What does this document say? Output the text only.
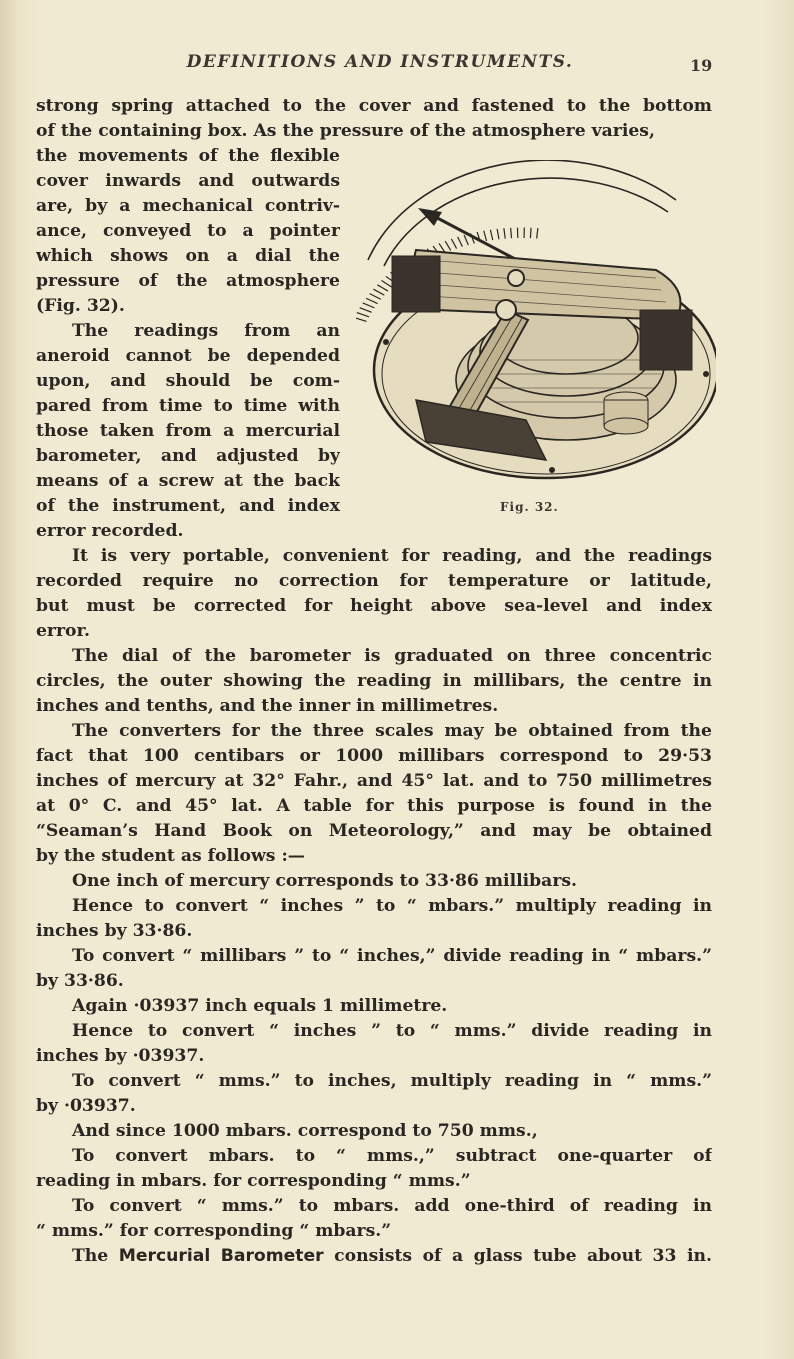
DEFINITIONS AND INSTRUMENTS.	19
strong spring attached to the cover and fastened to the bottom
of the containing box. As the pressure of the atmosphere varies,
the movements of the flexible
cover inwards and outwards
are, by a mechanical contriv-
ance, conveyed to a pointer
which shows on a dial the
pressure of the atmosphere
(Fig. 32).
The readings from an
aneroid cannot be depended
upon, and should be com-
pared from time to time with
those taken from a mercurial
barometer, and adjusted by
means of a screw at the back
of the instrument, and index
error recorded.
Fig. 32.
It is very portable, convenient for reading, and the readings
recorded require no correction for temperature or latitude,
but must be corrected for height above sea-level and index
error.
The dial of the barometer is graduated on three concentric
circles, the outer showing the reading in millibars, the centre in
inches and tenths, and the inner in millimetres.
The converters for the three scales may be obtained from the
fact that 100 centibars or 1000 millibars correspond to 29·53
inches of mercury at 32° Fahr., and 45° lat. and to 750 millimetres
at 0° C. and 45° lat. A table for this purpose is found in the
“Seaman’s Hand Book on Meteorology,” and may be obtained
by the student as follows :—
One inch of mercury corresponds to 33·86 millibars.
Hence to convert “ inches ” to “ mbars.” multiply reading in
inches by 33·86.
To convert “ millibars ” to “ inches,” divide reading in “ mbars.”
by 33·86.
Again ·03937 inch equals 1 millimetre.
Hence to convert “ inches ” to “ mms.” divide reading in
inches by ·03937.
To convert “ mms.” to inches, multiply reading in “ mms.”
by ·03937.
And since 1000 mbars. correspond to 750 mms.,
To convert mbars. to “ mms.,” subtract one-quarter of
reading in mbars. for corresponding “ mms.”
To convert “ mms.” to mbars. add one-third of reading in
“ mms.” for corresponding “ mbars.”
The Mercurial Barometer consists of a glass tube about 33 in.
